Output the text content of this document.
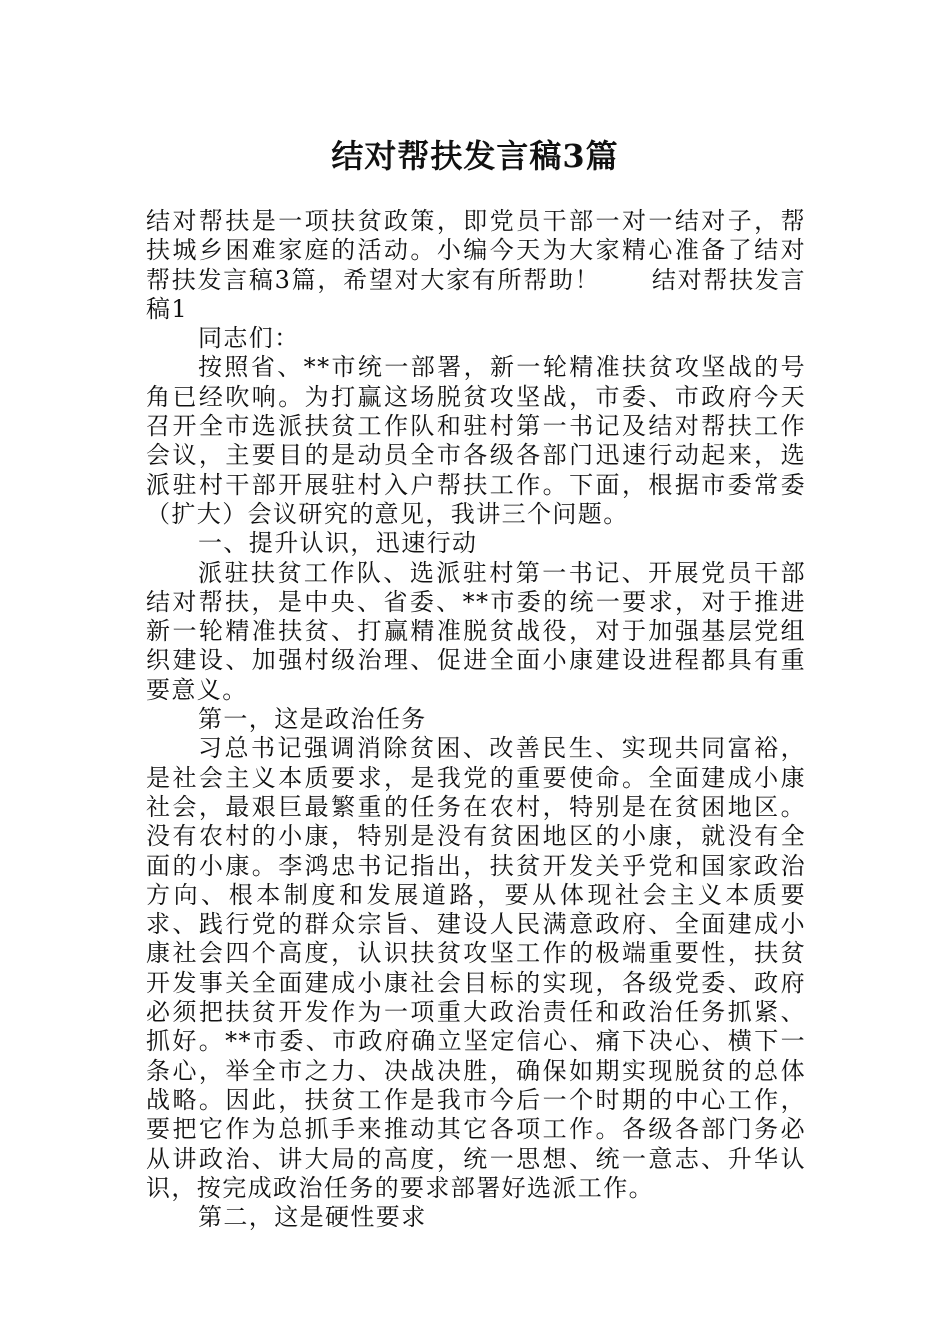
结对帮扶发言稿3篇

结对帮扶是一项扶贫政策，即党员干部一对一结对子，帮扶城乡困难家庭的活动。小编今天为大家精心准备了结对帮扶发言稿3篇，希望对大家有所帮助！　　结对帮扶发言稿1

同志们：

按照省、**市统一部署，新一轮精准扶贫攻坚战的号角已经吹响。为打赢这场脱贫攻坚战，市委、市政府今天召开全市选派扶贫工作队和驻村第一书记及结对帮扶工作会议，主要目的是动员全市各级各部门迅速行动起来，选派驻村干部开展驻村入户帮扶工作。下面，根据市委常委（扩大）会议研究的意见，我讲三个问题。

一、提升认识，迅速行动

派驻扶贫工作队、选派驻村第一书记、开展党员干部结对帮扶，是中央、省委、**市委的统一要求，对于推进新一轮精准扶贫、打赢精准脱贫战役，对于加强基层党组织建设、加强村级治理、促进全面小康建设进程都具有重要意义。

第一，这是政治任务

习总书记强调消除贫困、改善民生、实现共同富裕，是社会主义本质要求，是我党的重要使命。全面建成小康社会，最艰巨最繁重的任务在农村，特别是在贫困地区。没有农村的小康，特别是没有贫困地区的小康，就没有全面的小康。李鸿忠书记指出，扶贫开发关乎党和国家政治方向、根本制度和发展道路，要从体现社会主义本质要求、践行党的群众宗旨、建设人民满意政府、全面建成小康社会四个高度，认识扶贫攻坚工作的极端重要性，扶贫开发事关全面建成小康社会目标的实现，各级党委、政府必须把扶贫开发作为一项重大政治责任和政治任务抓紧、抓好。**市委、市政府确立坚定信心、痛下决心、横下一条心，举全市之力、决战决胜，确保如期实现脱贫的总体战略。因此，扶贫工作是我市今后一个时期的中心工作，要把它作为总抓手来推动其它各项工作。各级各部门务必从讲政治、讲大局的高度，统一思想、统一意志、升华认识，按完成政治任务的要求部署好选派工作。

第二，这是硬性要求
